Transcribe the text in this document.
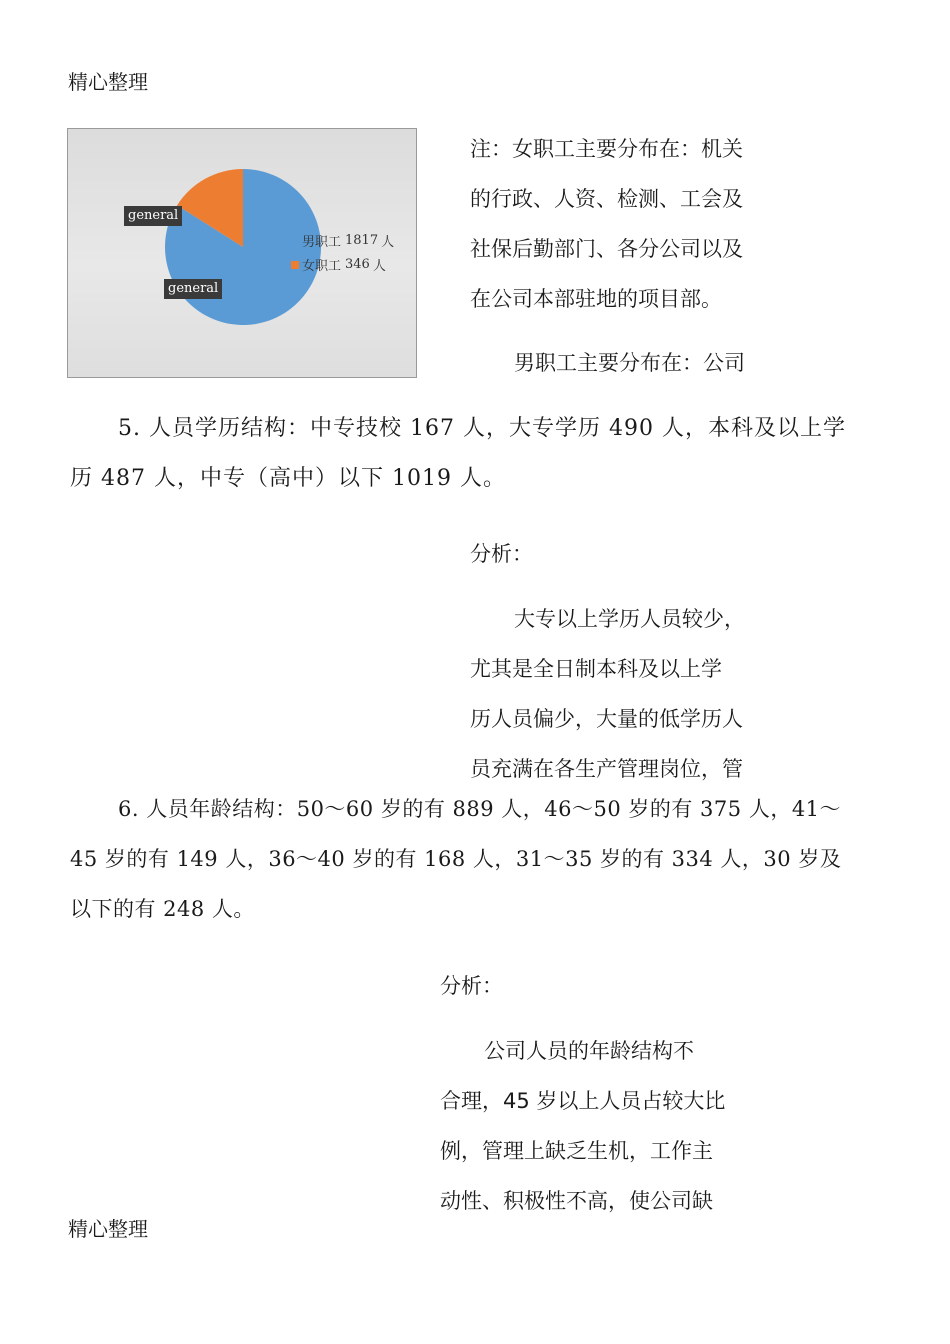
精心整理
general
general
男职工 1817 人
女职工 346 人
注：女职工主要分布在：机关
的行政、人资、检测、工会及
社保后勤部门、各分公司以及
在公司本部驻地的项目部。
男职工主要分布在：公司
5. 人员学历结构：中专技校 167 人，大专学历 490 人，本科及以上学
历 487 人，中专（高中）以下 1019 人。
分析：
大专以上学历人员较少，
尤其是全日制本科及以上学
历人员偏少，大量的低学历人
员充满在各生产管理岗位，管
6. 人员年龄结构：50～60 岁的有 889 人，46～50 岁的有 375 人，41～
45 岁的有 149 人，36～40 岁的有 168 人，31～35 岁的有 334 人，30 岁及
以下的有 248 人。
分析：
公司人员的年龄结构不
合理，45 岁以上人员占较大比
例，管理上缺乏生机，工作主
动性、积极性不高，使公司缺
精心整理
